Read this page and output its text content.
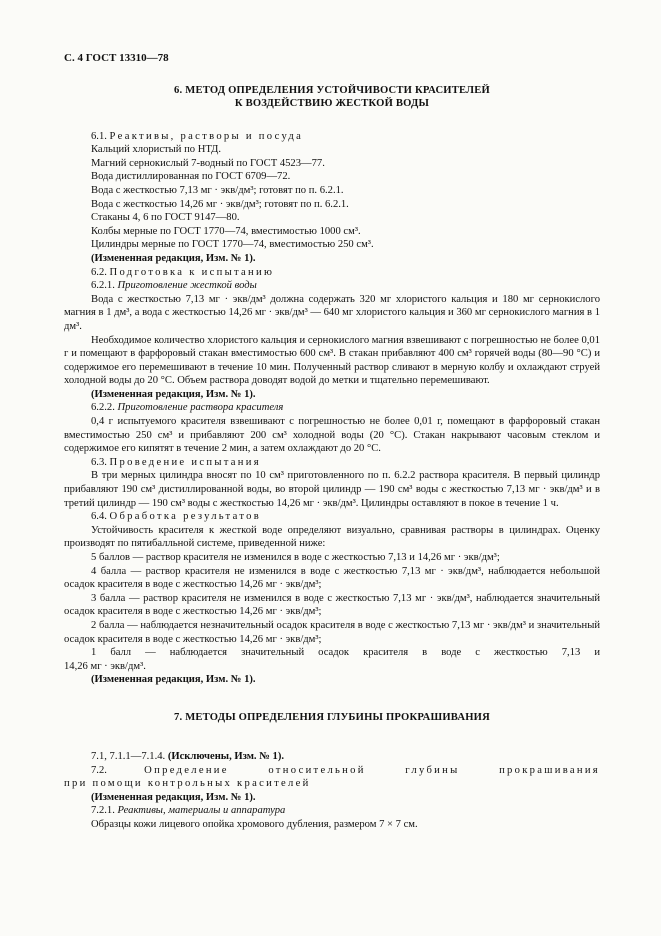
С. 4 ГОСТ 13310—78
6. МЕТОД ОПРЕДЕЛЕНИЯ УСТОЙЧИВОСТИ КРАСИТЕЛЕЙ
К ВОЗДЕЙСТВИЮ ЖЕСТКОЙ ВОДЫ

6.1. Реактивы, растворы и посуда

Кальций хлористый по НТД.

Магний сернокислый 7-водный по ГОСТ 4523—77.

Вода дистиллированная по ГОСТ 6709—72.

Вода с жесткостью 7,13 мг · экв/дм³; готовят по п. 6.2.1.

Вода с жесткостью 14,26 мг · экв/дм³; готовят по п. 6.2.1.

Стаканы 4, 6 по ГОСТ 9147—80.

Колбы мерные по ГОСТ 1770—74, вместимостью 1000 см³.

Цилиндры мерные по ГОСТ 1770—74, вместимостью 250 см³.

(Измененная редакция, Изм. № 1).

6.2. Подготовка к испытанию

6.2.1. Приготовление жесткой воды

Вода с жесткостью 7,13 мг · экв/дм³ должна содержать 320 мг хлористого кальция и 180 мг сернокислого магния в 1 дм³, а вода с жесткостью 14,26 мг · экв/дм³ — 640 мг хлористого кальция и 360 мг сернокислого магния в 1 дм³.

Необходимое количество хлористого кальция и сернокислого магния взвешивают с погрешностью не более 0,01 г и помещают в фарфоровый стакан вместимостью 600 см³. В стакан прибавляют 400 см³ горячей воды (80—90 °С) и содержимое его перемешивают в течение 10 мин. Полученный раствор сливают в мерную колбу и охлаждают струей холодной воды до 20 °С. Объем раствора доводят водой до метки и тщательно перемешивают.

(Измененная редакция, Изм. № 1).

6.2.2. Приготовление раствора красителя

0,4 г испытуемого красителя взвешивают с погрешностью не более 0,01 г, помещают в фарфоровый стакан вместимостью 250 см³ и прибавляют 200 см³ холодной воды (20 °С). Стакан накрывают часовым стеклом и содержимое его кипятят в течение 2 мин, а затем охлаждают до 20 °С.

6.3. Проведение испытания

В три мерных цилиндра вносят по 10 см³ приготовленного по п. 6.2.2 раствора красителя. В первый цилиндр прибавляют 190 см³ дистиллированной воды, во второй цилиндр — 190 см³ воды с жесткостью 7,13 мг · экв/дм³ и в третий цилиндр — 190 см³ воды с жесткостью 14,26 мг · экв/дм³. Цилиндры оставляют в покое в течение 1 ч.

6.4. Обработка результатов

Устойчивость красителя к жесткой воде определяют визуально, сравнивая растворы в цилиндрах. Оценку производят по пятибалльной системе, приведенной ниже:

5 баллов — раствор красителя не изменился в воде с жесткостью 7,13 и 14,26 мг · экв/дм³;

4 балла — раствор красителя не изменился в воде с жесткостью 7,13 мг · экв/дм³, наблюдается небольшой осадок красителя в воде с жесткостью 14,26 мг · экв/дм³;

3 балла — раствор красителя не изменился в воде с жесткостью 7,13 мг · экв/дм³, наблюдается значительный осадок красителя в воде с жесткостью 14,26 мг · экв/дм³;

2 балла — наблюдается незначительный осадок красителя в воде с жесткостью 7,13 мг · экв/дм³ и значительный осадок красителя в воде с жесткостью 14,26 мг · экв/дм³;

1 балл — наблюдается значительный осадок красителя в воде с жесткостью 7,13 и

14,26 мг · экв/дм³.

(Измененная редакция, Изм. № 1).

7. МЕТОДЫ ОПРЕДЕЛЕНИЯ ГЛУБИНЫ ПРОКРАШИВАНИЯ

7.1, 7.1.1—7.1.4. (Исключены, Изм. № 1).

7.2.	Определение относительной глубины прокрашивания

при помощи контрольных красителей

(Измененная редакция, Изм. № 1).

7.2.1. Реактивы, материалы и аппаратура

Образцы кожи лицевого опойка хромового дубления, размером 7 × 7 см.
